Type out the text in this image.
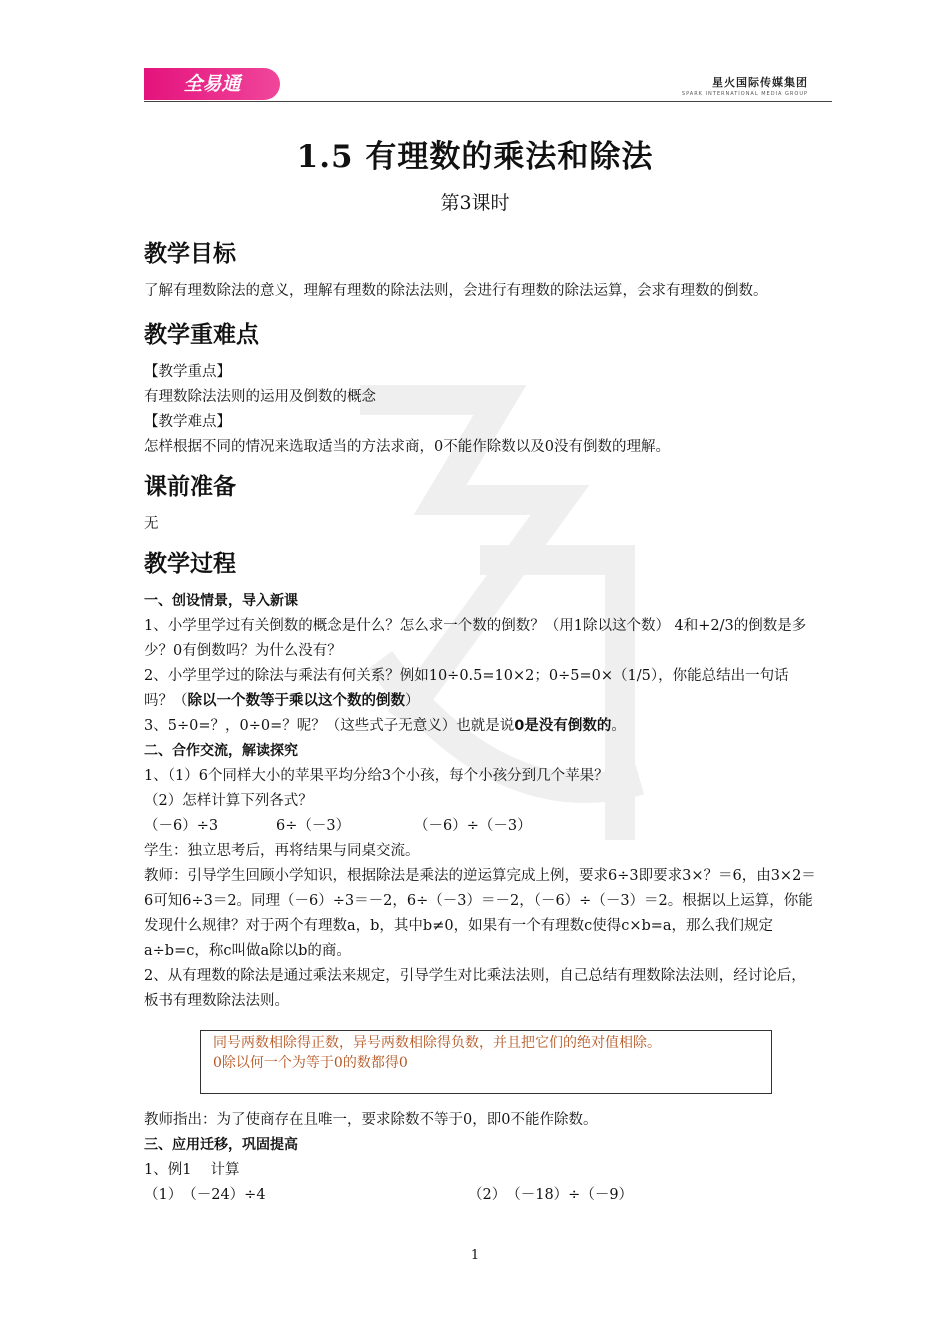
全易通	星火国际传媒集团
SPARK INTERNATIONAL MEDIA GROUP
1.5 有理数的乘法和除法
第3课时
教学目标

了解有理数除法的意义，理解有理数的除法法则，会进行有理数的除法运算，会求有理数的倒数。

教学重难点

【教学重点】

有理数除法法则的运用及倒数的概念

【教学难点】

怎样根据不同的情况来选取适当的方法求商，0不能作除数以及0没有倒数的理解。

课前准备

无

教学过程
一、创设情景，导入新课

1、小学里学过有关倒数的概念是什么？怎么求一个数的倒数？（用1除以这个数） 4和+2/3的倒数是多少？0有倒数吗？为什么没有？

2、小学里学过的除法与乘法有何关系？例如10÷0.5=10×2；0÷5=0×（1/5），你能总结出一句话吗？（除以一个数等于乘以这个数的倒数）

3、5÷0=？，0÷0=？呢？（这些式子无意义）也就是说0是没有倒数的。

二、合作交流，解读探究

1、（1）6个同样大小的苹果平均分给3个小孩，每个小孩分到几个苹果？

（2）怎样计算下列各式？

（－6）÷3	6÷（－3）	（－6）÷（－3）

学生：独立思考后，再将结果与同桌交流。

教师：引导学生回顾小学知识，根据除法是乘法的逆运算完成上例，要求6÷3即要求3×？＝6，由3×2＝6可知6÷3＝2。同理（－6）÷3＝－2，6÷（－3）＝－2，（－6）÷（－3）＝2。根据以上运算，你能发现什么规律？对于两个有理数a，b，其中b≠0，如果有一个有理数c使得c×b=a，那么我们规定a÷b=c，称c叫做a除以b的商。

2、从有理数的除法是通过乘法来规定，引导学生对比乘法法则，自己总结有理数除法法则，经讨论后，板书有理数除法法则。

同号两数相除得正数，异号两数相除得负数，并且把它们的绝对值相除。
0除以何一个为等于0的数都得0

教师指出：为了使商存在且唯一，要求除数不等于0，即0不能作除数。

三、应用迁移，巩固提高

1、例1　 计算

（1）　（－24）÷4	（2）　（－18）÷（－9）

1
